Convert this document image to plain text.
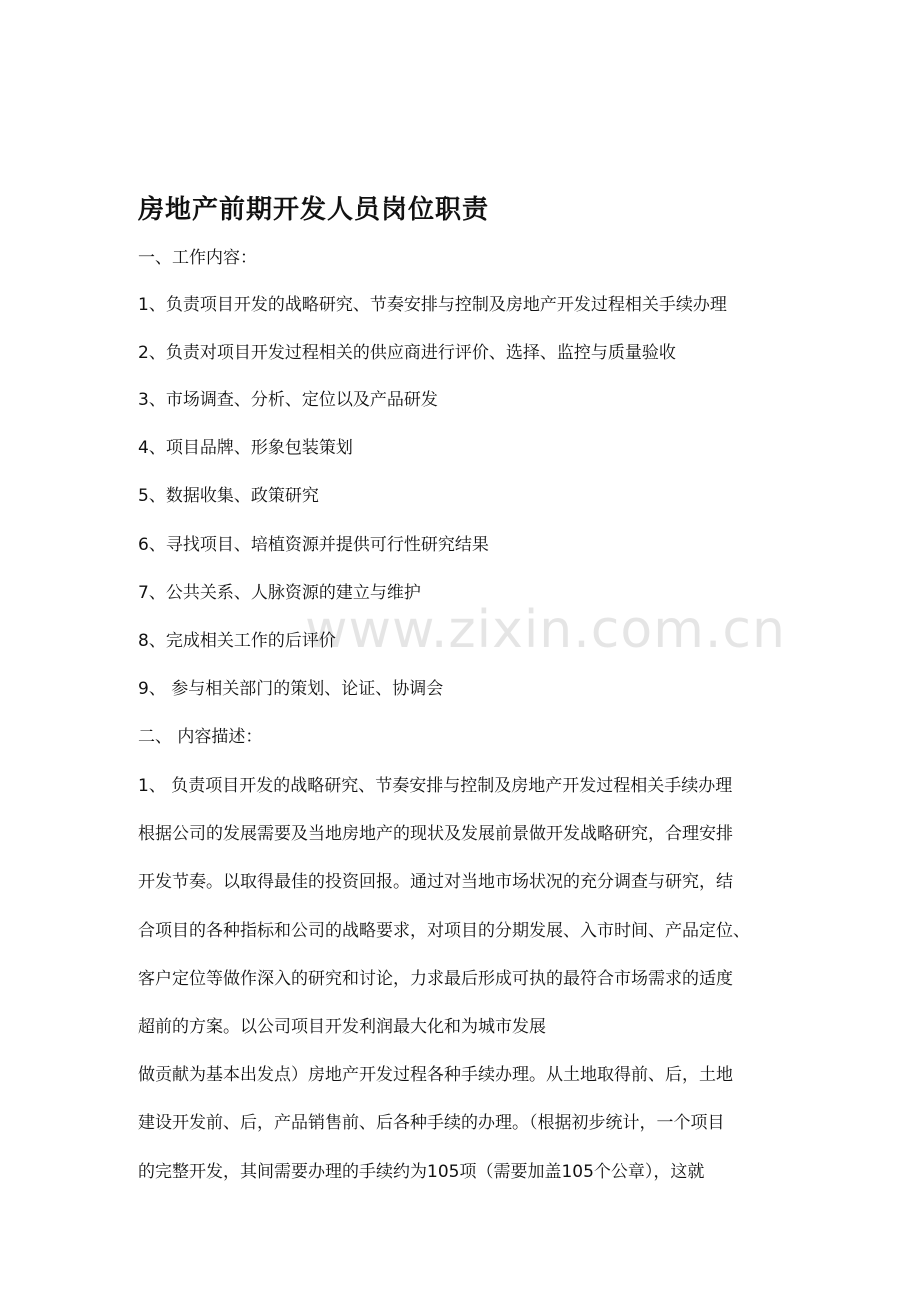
房地产前期开发人员岗位职责
一、工作内容：
1、负责项目开发的战略研究、节奏安排与控制及房地产开发过程相关手续办理
2、负责对项目开发过程相关的供应商进行评价、选择、监控与质量验收
3、市场调查、分析、定位以及产品研发
4、项目品牌、形象包装策划
5、数据收集、政策研究
6、寻找项目、培植资源并提供可行性研究结果
7、公共关系、人脉资源的建立与维护
8、完成相关工作的后评价
9、 参与相关部门的策划、论证、协调会
二、 内容描述：
1、 负责项目开发的战略研究、节奏安排与控制及房地产开发过程相关手续办理
根据公司的发展需要及当地房地产的现状及发展前景做开发战略研究，合理安排
开发节奏。以取得最佳的投资回报。通过对当地市场状况的充分调查与研究，结
合项目的各种指标和公司的战略要求，对项目的分期发展、入市时间、产品定位、
客户定位等做作深入的研究和讨论，力求最后形成可执的最符合市场需求的适度
超前的方案。以公司项目开发利润最大化和为城市发展
做贡献为基本出发点）房地产开发过程各种手续办理。从土地取得前、后，土地
建设开发前、后，产品销售前、后各种手续的办理。（根据初步统计，一个项目
的完整开发，其间需要办理的手续约为105项（需要加盖105个公章），这就
www.zixin.com.cn
